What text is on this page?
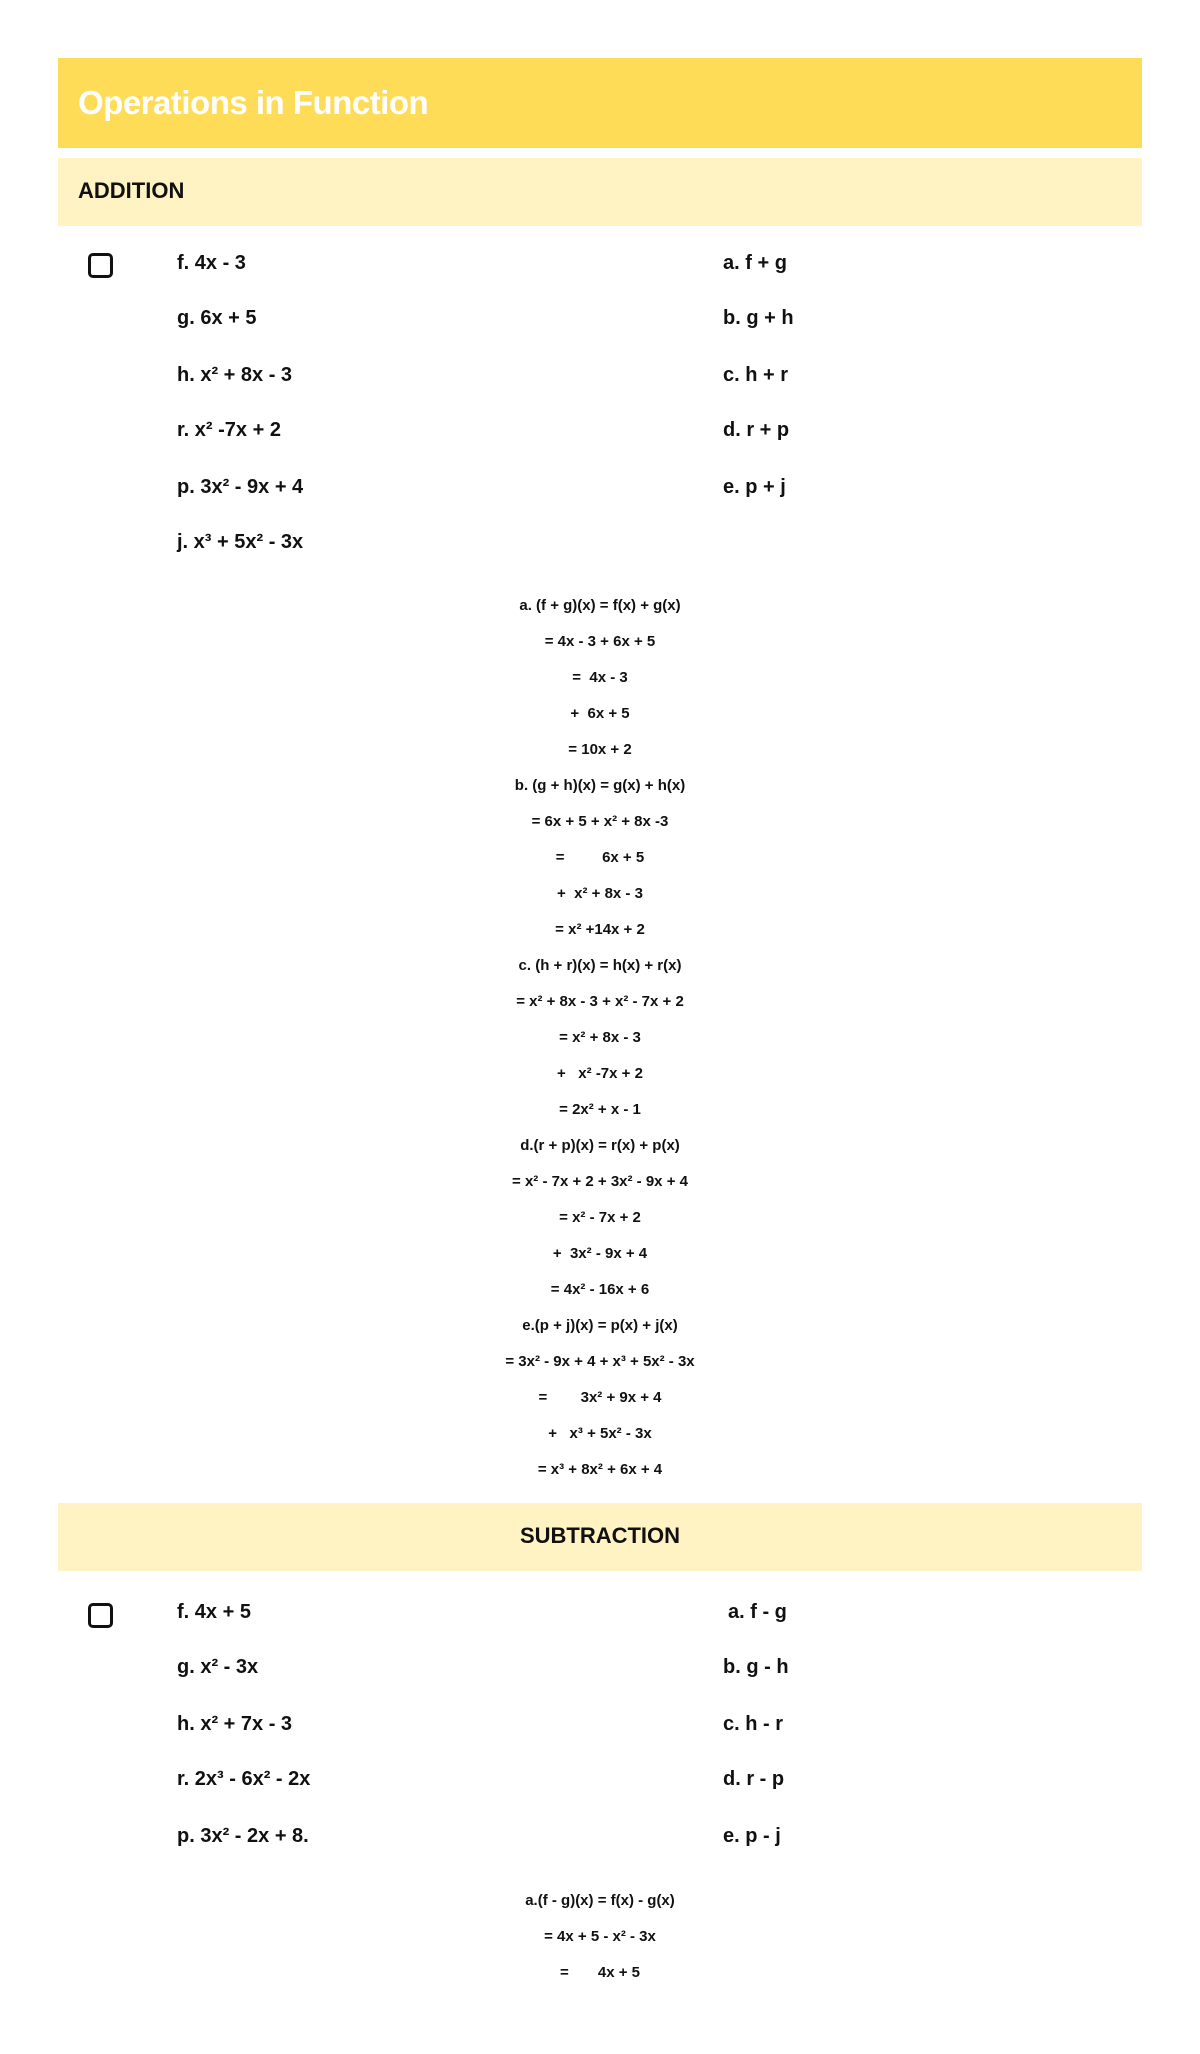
Operations in Function
ADDITION
f. 4x - 3
g. 6x + 5
h. x² + 8x - 3
r. x² -7x + 2
p. 3x² - 9x + 4
j. x³ + 5x² - 3x
a. f + g
b. g + h
c. h + r
d. r + p
e. p + j
a. (f + g)(x) = f(x) + g(x)
= 4x - 3 + 6x + 5
=  4x - 3
+  6x + 5
= 10x + 2
b. (g + h)(x) = g(x) + h(x)
= 6x + 5 + x² + 8x -3
=         6x + 5
+  x² + 8x - 3
= x² +14x + 2
c. (h + r)(x) = h(x) + r(x)
= x² + 8x - 3 + x² - 7x + 2
= x² + 8x - 3
+   x² -7x + 2
= 2x² + x - 1
d.(r + p)(x) = r(x) + p(x)
= x² - 7x + 2 + 3x² - 9x + 4
= x² - 7x + 2
+  3x² - 9x + 4
= 4x² - 16x + 6
e.(p + j)(x) = p(x) + j(x)
= 3x² - 9x + 4 + x³ + 5x² - 3x
=        3x² + 9x + 4
+   x³ + 5x² - 3x
= x³ + 8x² + 6x + 4
SUBTRACTION
f. 4x + 5
g. x² - 3x
h. x² + 7x - 3
r. 2x³ - 6x² - 2x
p. 3x² - 2x + 8.
a. f - g
b. g - h
c. h - r
d. r - p
e. p - j
a.(f - g)(x) = f(x) - g(x)
= 4x + 5 - x² - 3x
=       4x + 5
